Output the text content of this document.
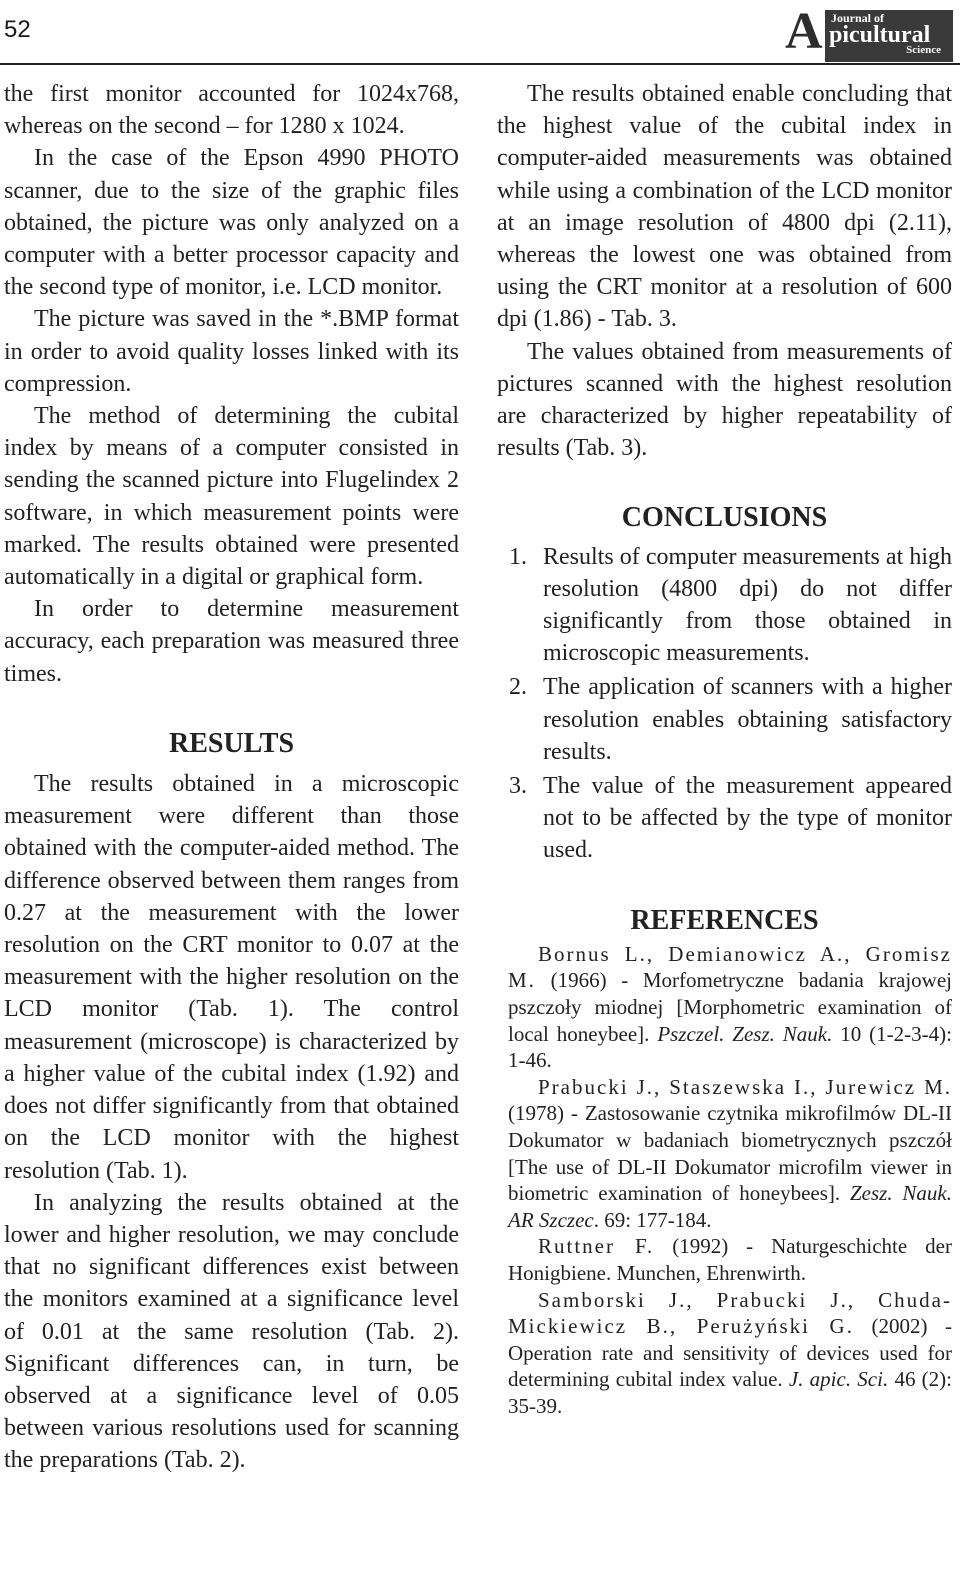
52	A Journal of
picultural
Science

the first monitor accounted for 1024x768, whereas on the second – for 1280 x 1024.

In the case of the Epson 4990 PHOTO scanner, due to the size of the graphic files obtained, the picture was only analyzed on a computer with a better processor capacity and the second type of monitor, i.e. LCD monitor.

The picture was saved in the *.BMP format in order to avoid quality losses linked with its compression.

The method of determining the cubital index by means of a computer consisted in sending the scanned picture into Flugelindex 2 software, in which measurement points were marked. The results obtained were presented automatically in a digital or graphical form.

In order to determine measurement accuracy, each preparation was measured three times.

RESULTS

The results obtained in a microscopic measurement were different than those obtained with the computer-aided method. The difference observed between them ranges from 0.27 at the measurement with the lower resolution on the CRT monitor to 0.07 at the measurement with the higher resolution on the LCD monitor (Tab. 1). The control measurement (microscope) is characterized by a higher value of the cubital index (1.92) and does not differ significantly from that obtained on the LCD monitor with the highest resolution (Tab. 1).

In analyzing the results obtained at the lower and higher resolution, we may conclude that no significant differences exist between the monitors examined at a significance level of 0.01 at the same resolution (Tab. 2). Significant differences can, in turn, be observed at a significance level of 0.05 between various resolutions used for scanning the preparations (Tab. 2).

The results obtained enable concluding that the highest value of the cubital index in computer-aided measurements was obtained while using a combination of the LCD monitor at an image resolution of 4800 dpi (2.11), whereas the lowest one was obtained from using the CRT monitor at a resolution of 600 dpi (1.86) - Tab. 3.

The values obtained from measurements of pictures scanned with the highest resolution are characterized by higher repeatability of results (Tab. 3).

CONCLUSIONS
1. Results of computer measurements at high resolution (4800 dpi) do not differ significantly from those obtained in microscopic measurements.
2. The application of scanners with a higher resolution enables obtaining satisfactory results.
3. The value of the measurement appeared not to be affected by the type of monitor used.
REFERENCES

Bornus L., Demianowicz A., Gromisz M. (1966) - Morfometryczne badania krajowej pszczoły miodnej [Morphometric examination of local honeybee]. Pszczel. Zesz. Nauk. 10 (1-2-3-4): 1-46.

Prabucki J., Staszewska I., Jurewicz M. (1978) - Zastosowanie czytnika mikrofilmów DL-II Dokumator w badaniach biometrycznych pszczół [The use of DL-II Dokumator microfilm viewer in biometric examination of honeybees]. Zesz. Nauk. AR Szczec. 69: 177-184.

Ruttner F. (1992) - Naturgeschichte der Honigbiene. Munchen, Ehrenwirth.

Samborski J., Prabucki J., Chuda-Mickiewicz B., Perużyński G. (2002) - Operation rate and sensitivity of devices used for determining cubital index value. J. apic. Sci. 46 (2): 35-39.
